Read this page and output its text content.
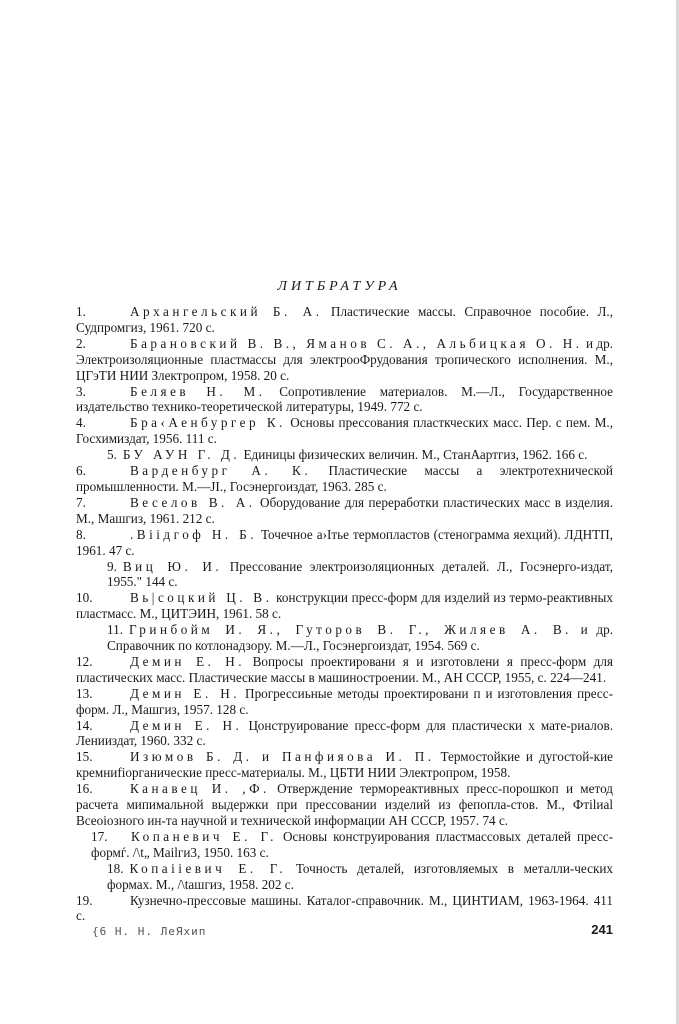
ЛИТБРАТУРА
1.	Архангельский Б. А. Пластические массы. Справочное пособие. Л., Судпромгиз, 1961. 720 с.
2.	Барановский В. В., Яманов С. А., Альбицкая О. Н. и др. Электроизоляционные пластмассы для электрооФрудования тропического исполнения. М., ЦГэТИ НИИ Злектропром, 1958. 20 с.
3.	Беляев Н. М. Сопротивление материалов. М.—Л., Государственное издательство технико-теоретической литературы, 1949. 772 с.
4.	Бра‹Аенбургер К. Основы прессования пласткческих масс. Пер. с пем. М., Госхимиздат, 1956. 111 с.
5. БУ АУН Г. Д. Единицы физических величин. М., СтанАартгиз, 1962. 166 с.
6.	Варденбург А. К. Пластические массы а электротехнической промышленности. М.—JI., Госэнергоиздат, 1963. 285 с.
7.	Веселов В. А. Оборудование для переработки пластических масс в изделия. М., Машгиз, 1961. 212 с.
8.	.Віідгоф Н. Б. Точечное а›Iтье термопластов (стенограмма яехций). ЛДНТП, 1961. 47 с.
9. Виц Ю. И. Прессование электроизоляционных деталей. Л., Госэнерго-издат, 1955." 144 с.
10.	Вь|соцкий Ц. В. конструкции пресс-форм для изделий из термо-реактивных пластмасс. М., ЦИТЭИН, 1961. 58 с.
11. Гринбойм И. Я., Гуторов В. Г., Жиляев А. В. и др. Справочник по котлонадзору. М.—Л., Госэнергоиздат, 1954. 569 с.
12.	Демин Е. Н. Вопросы проектировани я и изготовлени я пресс-форм для пластических масс. Пластические массы в машиностроении. М., АН СССР, 1955, с. 224—241.
13.	Демин Е. Н. Прогрессиьные методы проектировани п и изготовления пресс-форм. Л., Машгиз, 1957. 128 с.
14.	Демин Е. Н. Цонструирование пресс-форм для пластически х мате-риалов. Ленииздат, 1960. 332 с.
15.	Изюмов Б. Д. и Панфияова И. П. Термостойкие и дугостой-кие кремниfiорганические пресс-материалы. М., ЦБТИ НИИ Электропром, 1958.
16.	Канавец И. ,Ф. Отверждение термореактивных пресс-порошкоп и метод расчета мипимальной выдержки при прессовании изделий из фепопла-стов. М., Фтilиal Всеоiозного ин-та научной и технической информации АН СССР, 1957. 74 с.
17. Копаневич Е. Г. Основы конструирования пластмассовых деталей пресс-формѓ. /\t„ Маilги3, 1950. 163 с.
18. Копаііевич Е. Г. Точность деталей, изготовляемых в металли-ческих формах. М., /\tашгиз, 1958. 202 с.
19.	Кузнечно-прессовые машины. Каталог-справочник. М., ЦИНТИАМ, 1963-1964. 411 с.
{6 Н. Н. ЛеЯхип	241
